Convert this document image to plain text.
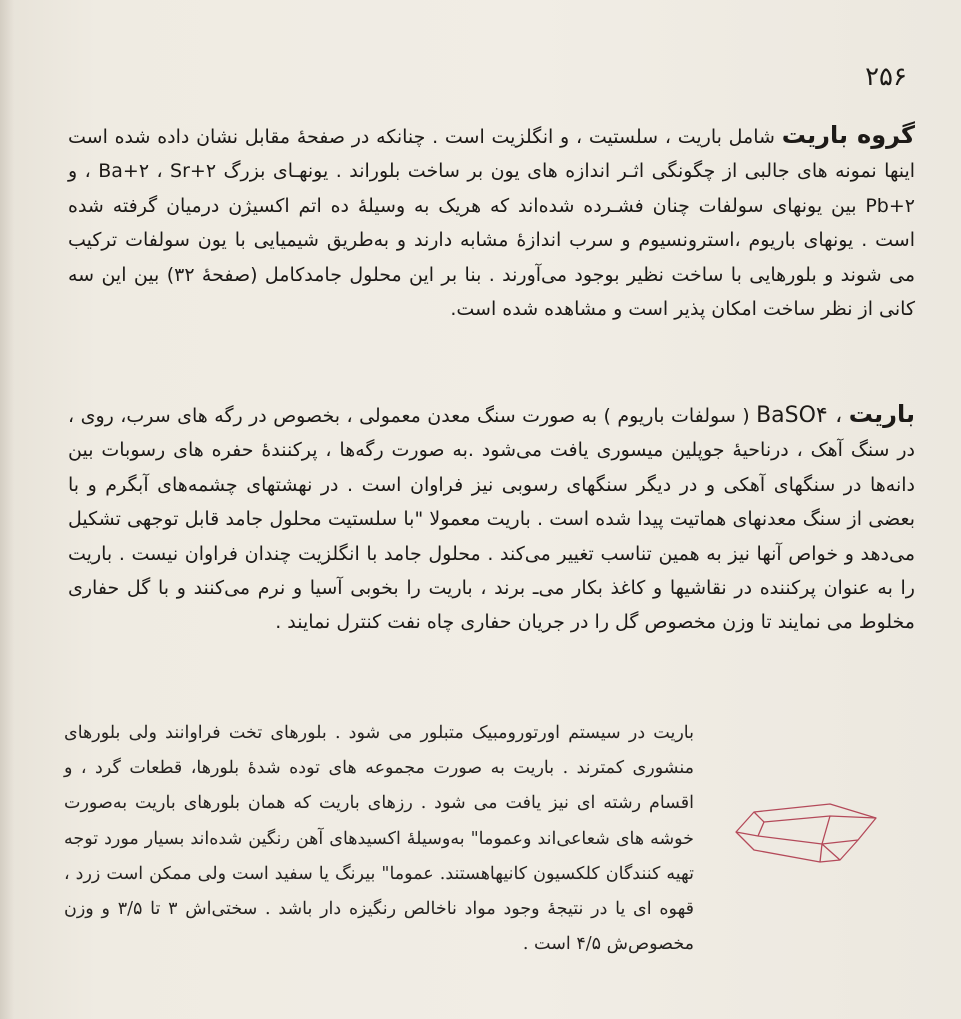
۲۵۶
گروه باریت شامل باریت ، سلستیت ، و انگلزیت است . چنانکه در صفحهٔ مقابل نشان داده شده است اینها نمونه های جالبی از چگونگی اثـر اندازه های یون بر ساخت بلوراند . یونهـای بزرگ Ba+۲ ، Sr+۲ ، و Pb+۲ بین یونهای سولفات چنان فشـرده شده‌اند که هریک به وسیلهٔ ده اتم اکسیژن درمیان گرفته شده است . یونهای باریوم ،استرونسیوم و سرب اندازهٔ مشابه دارند و به‌طریق شیمیایی با یون سولفات ترکیب می شوند و بلورهایی با ساخت نظیر بوجود می‌آورند . بنا بر این محلول جامدکامل (صفحهٔ ۳۲) بین این سه کانی از نظر ساخت امکان پذیر است و مشاهده شده است.
باریت ، BaSO۴ ( سولفات باریوم ) به صورت سنگ معدن معمولی ، بخصوص در رگه های سرب، روی ، در سنگ آهک ، درناحیهٔ جوپلین میسوری یافت می‌شود .به صورت رگه‌ها ، پرکنندهٔ حفره های رسوبات بین دانه‌ها در سنگهای آهکی و در دیگر سنگهای رسوبی نیز فراوان است . در نهشتهای چشمه‌های آبگرم و با بعضی از سنگ معدنهای هماتیت پیدا شده است . باریت معمولا "با سلستیت محلول جامد قابل توجهی تشکیل می‌دهد و خواص آنها نیز به همین تناسب تغییر می‌کند . محلول جامد با انگلزیت چندان فراوان نیست . باریت را به عنوان پرکننده در نقاشیها و کاغذ بکار می‌ـ برند ، باریت را بخوبی آسیا و نرم می‌کنند و با گل حفاری مخلوط می نمایند تا وزن مخصوص گل را در جریان حفاری چاه نفت کنترل نمایند .
باریت در سیستم اورتورومبیک متبلور می شود . بلورهای تخت فراوانند ولی بلورهای منشوری کمترند . باریت به صورت مجموعه های توده شدهٔ بلورها، قطعات گرد ، و اقسام رشته ای نیز یافت می شود . رزهای باریت که همان بلورهای باریت به‌صورت خوشه های شعاعی‌اند وعموما" به‌وسیلهٔ اکسیدهای آهن رنگین شده‌اند بسیار مورد توجه تهیه کنندگان کلکسیون کانیهاهستند. عموما" بیرنگ یا سفید است ولی ممکن است زرد ، قهوه ای یا در نتیجهٔ وجود مواد ناخالص رنگیزه دار باشد . سختی‌اش ۳ تا ۳/۵ و وزن مخصوص‌ش ۴/۵ است .
